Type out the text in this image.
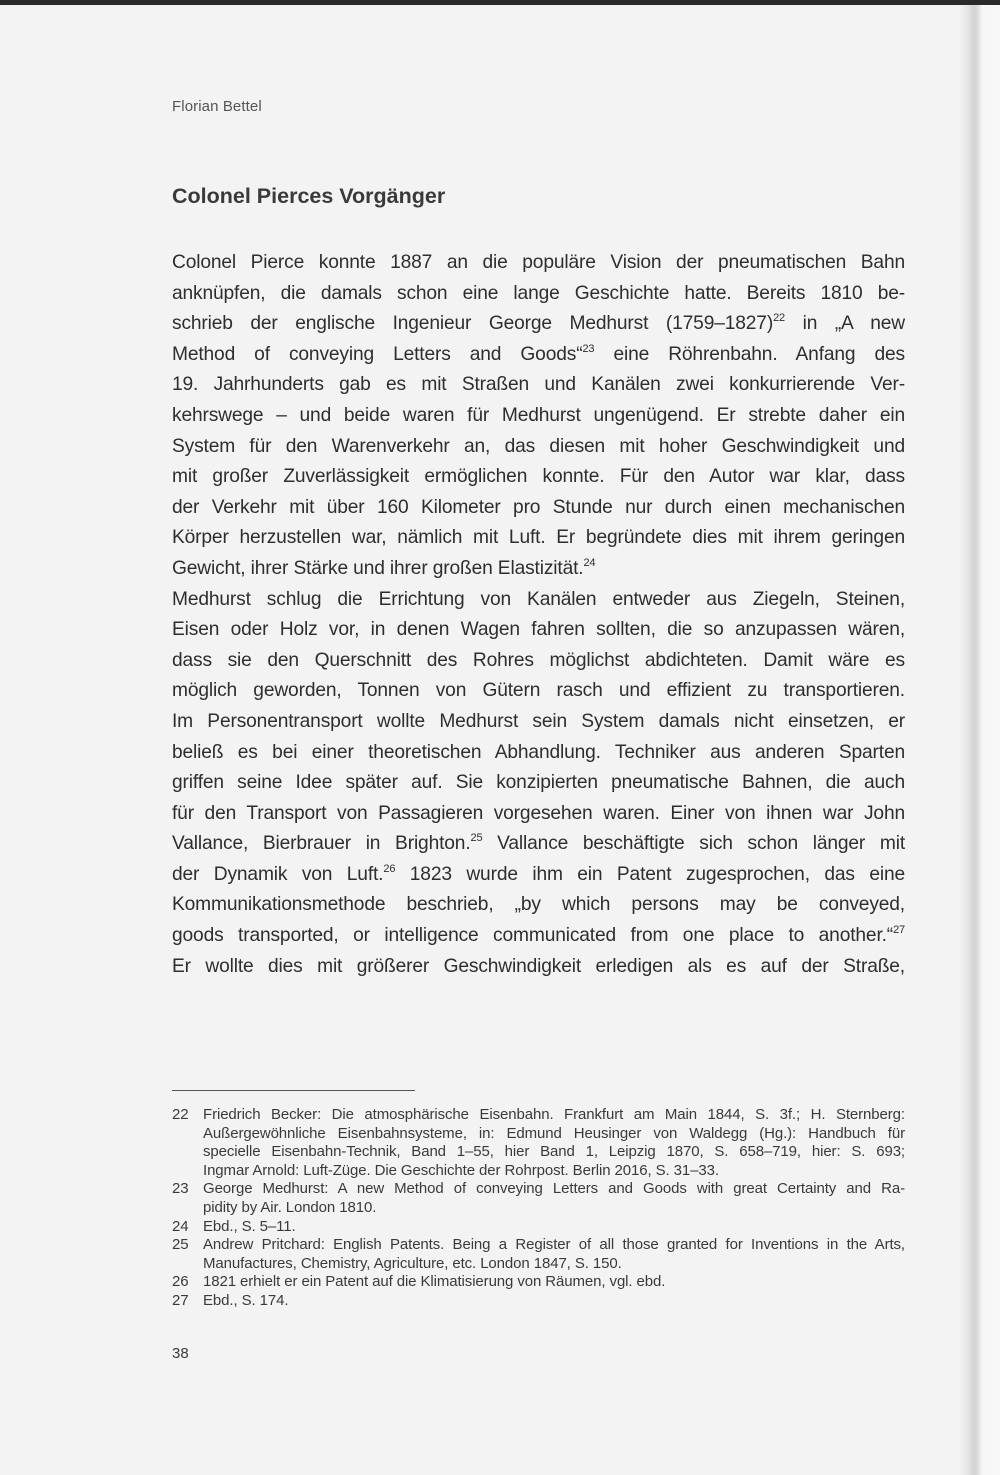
Florian Bettel
Colonel Pierces Vorgänger
Colonel Pierce konnte 1887 an die populäre Vision der pneumatischen Bahn
anknüpfen, die damals schon eine lange Geschichte hatte. Bereits 1810 be-
schrieb der englische Ingenieur George Medhurst (1759–1827)$^{22}$ in „A new
Method of conveying Letters and Goods“$^{23}$ eine Röhrenbahn. Anfang des
19. Jahrhunderts gab es mit Straßen und Kanälen zwei konkurrierende Ver-
kehrswege – und beide waren für Medhurst ungenügend. Er strebte daher ein
System für den Warenverkehr an, das diesen mit hoher Geschwindigkeit und
mit großer Zuverlässigkeit ermöglichen konnte. Für den Autor war klar, dass
der Verkehr mit über 160 Kilometer pro Stunde nur durch einen mechanischen
Körper herzustellen war, nämlich mit Luft. Er begründete dies mit ihrem geringen
Gewicht, ihrer Stärke und ihrer großen Elastizität.$^{24}$
Medhurst schlug die Errichtung von Kanälen entweder aus Ziegeln, Steinen,
Eisen oder Holz vor, in denen Wagen fahren sollten, die so anzupassen wären,
dass sie den Querschnitt des Rohres möglichst abdichteten. Damit wäre es
möglich geworden, Tonnen von Gütern rasch und effizient zu transportieren.
Im Personentransport wollte Medhurst sein System damals nicht einsetzen, er
beließ es bei einer theoretischen Abhandlung. Techniker aus anderen Sparten
griffen seine Idee später auf. Sie konzipierten pneumatische Bahnen, die auch
für den Transport von Passagieren vorgesehen waren. Einer von ihnen war John
Vallance, Bierbrauer in Brighton.$^{25}$ Vallance beschäftigte sich schon länger mit
der Dynamik von Luft.$^{26}$ 1823 wurde ihm ein Patent zugesprochen, das eine
Kommunikationsmethode beschrieb, „by which persons may be conveyed,
goods transported, or intelligence communicated from one place to another.“$^{27}$
Er wollte dies mit größerer Geschwindigkeit erledigen als es auf der Straße,
22 Friedrich Becker: Die atmosphärische Eisenbahn. Frankfurt am Main 1844, S. 3f.; H. Sternberg:
Außergewöhnliche Eisenbahnsysteme, in: Edmund Heusinger von Waldegg (Hg.): Handbuch für
specielle Eisenbahn-Technik, Band 1–55, hier Band 1, Leipzig 1870, S. 658–719, hier: S. 693;
Ingmar Arnold: Luft-Züge. Die Geschichte der Rohrpost. Berlin 2016, S. 31–33.
23 George Medhurst: A new Method of conveying Letters and Goods with great Certainty and Ra-
pidity by Air. London 1810.
24 Ebd., S. 5–11.
25 Andrew Pritchard: English Patents. Being a Register of all those granted for Inventions in the Arts,
Manufactures, Chemistry, Agriculture, etc. London 1847, S. 150.
26 1821 erhielt er ein Patent auf die Klimatisierung von Räumen, vgl. ebd.
27 Ebd., S. 174.
38
